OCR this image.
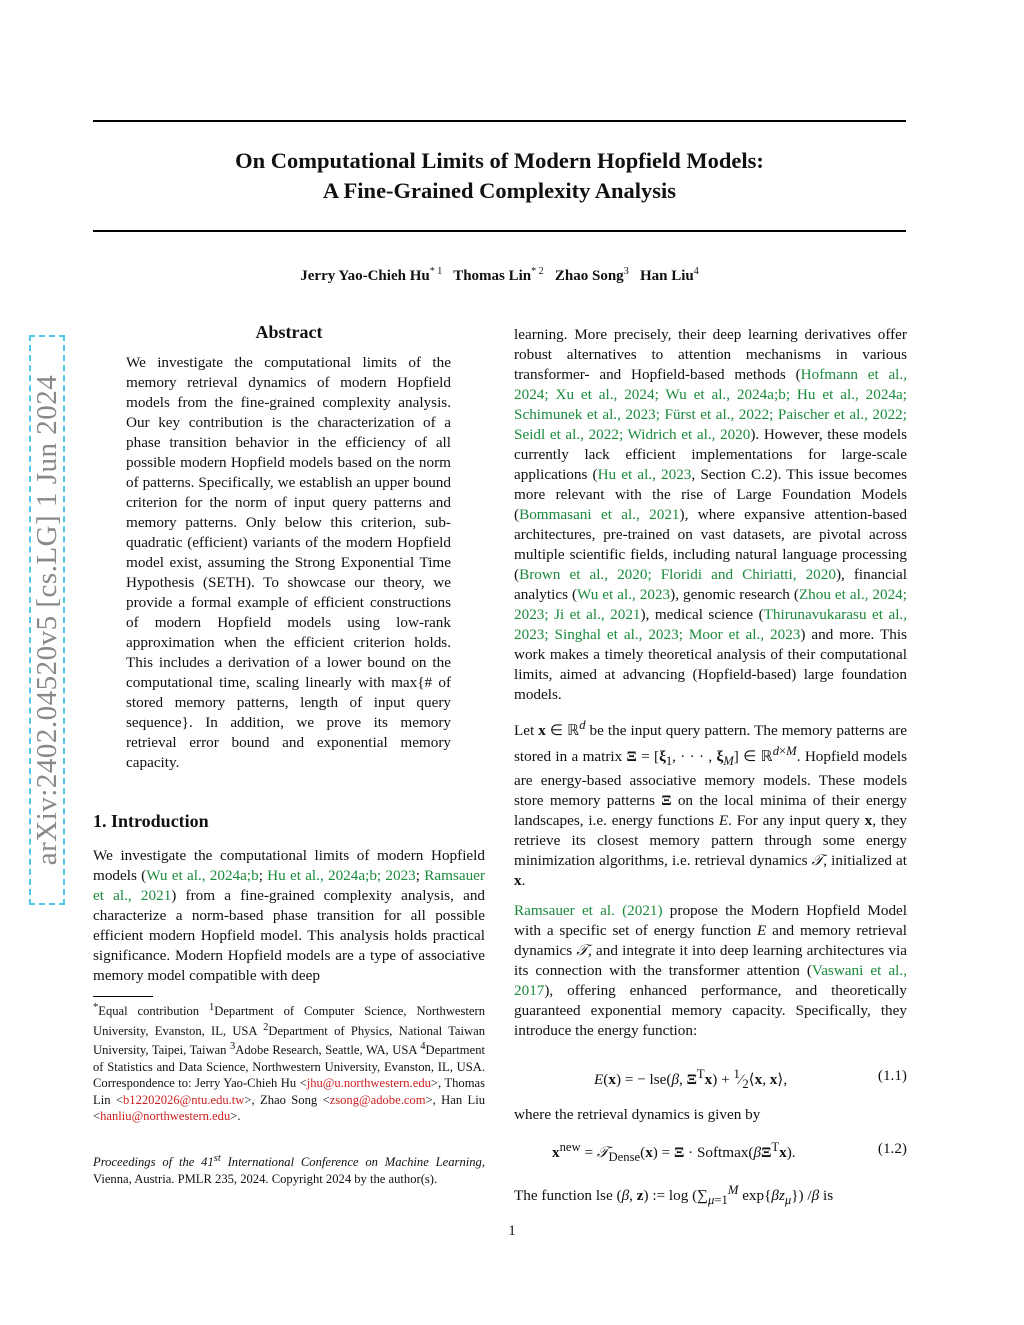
On Computational Limits of Modern Hopfield Models:
A Fine-Grained Complexity Analysis
Jerry Yao-Chieh Hu$^{* 1}$ Thomas Lin$^{* 2}$ Zhao Song$^3$ Han Liu$^4$
arXiv:2402.04520v5 [cs.LG] 1 Jun 2024
Abstract

We investigate the computational limits of the memory retrieval dynamics of modern Hopfield models from the fine-grained complexity analysis. Our key contribution is the characterization of a phase transition behavior in the efficiency of all possible modern Hopfield models based on the norm of patterns. Specifically, we establish an upper bound criterion for the norm of input query patterns and memory patterns. Only below this criterion, sub-quadratic (efficient) variants of the modern Hopfield model exist, assuming the Strong Exponential Time Hypothesis (SETH). To showcase our theory, we provide a formal example of efficient constructions of modern Hopfield models using low-rank approximation when the efficient criterion holds. This includes a derivation of a lower bound on the computational time, scaling linearly with max{# of stored memory patterns, length of input query sequence}. In addition, we prove its memory retrieval error bound and exponential memory capacity.

1. Introduction

We investigate the computational limits of modern Hopfield models (Wu et al., 2024a;b; Hu et al., 2024a;b; 2023; Ramsauer et al., 2021) from a fine-grained complexity analysis, and characterize a norm-based phase transition for all possible efficient modern Hopfield model. This analysis holds practical significance. Modern Hopfield models are a type of associative memory model compatible with deep

*Equal contribution $^1$Department of Computer Science, Northwestern University, Evanston, IL, USA $^2$Department of Physics, National Taiwan University, Taipei, Taiwan $^3$Adobe Research, Seattle, WA, USA $^4$Department of Statistics and Data Science, Northwestern University, Evanston, IL, USA. Correspondence to: Jerry Yao-Chieh Hu <jhu@u.northwestern.edu>, Thomas Lin <b12202026@ntu.edu.tw>, Zhao Song <zsong@adobe.com>, Han Liu <hanliu@northwestern.edu>.

Proceedings of the 41st International Conference on Machine Learning, Vienna, Austria. PMLR 235, 2024. Copyright 2024 by the author(s).

learning. More precisely, their deep learning derivatives offer robust alternatives to attention mechanisms in various transformer- and Hopfield-based methods (Hofmann et al., 2024; Xu et al., 2024; Wu et al., 2024a;b; Hu et al., 2024a; Schimunek et al., 2023; Fürst et al., 2022; Paischer et al., 2022; Seidl et al., 2022; Widrich et al., 2020). However, these models currently lack efficient implementations for large-scale applications (Hu et al., 2023, Section C.2). This issue becomes more relevant with the rise of Large Foundation Models (Bommasani et al., 2021), where expansive attention-based architectures, pre-trained on vast datasets, are pivotal across multiple scientific fields, including natural language processing (Brown et al., 2020; Floridi and Chiriatti, 2020), financial analytics (Wu et al., 2023), genomic research (Zhou et al., 2024; 2023; Ji et al., 2021), medical science (Thirunavukarasu et al., 2023; Singhal et al., 2023; Moor et al., 2023) and more. This work makes a timely theoretical analysis of their computational limits, aimed at advancing (Hopfield-based) large foundation models.

Let x ∈ ℝ$^d$ be the input query pattern. The memory patterns are stored in a matrix $\Xi = [\xi_1$, · · · , $\xi_M$] ∈ ℝ$^{d\times M}$. Hopfield models are energy-based associative memory models. These models store memory patterns Ξ on the local minima of their energy landscapes, i.e. energy functions E. For any input query x, they retrieve its closest memory pattern through some energy minimization algorithms, i.e. retrieval dynamics 𝒯, initialized at x.

Ramsauer et al. (2021) propose the Modern Hopfield Model with a specific set of energy function E and memory retrieval dynamics 𝒯, and integrate it into deep learning architectures via its connection with the transformer attention (Vaswani et al., 2017), offering enhanced performance, and theoretically guaranteed exponential memory capacity. Specifically, they introduce the energy function:

E(x) = − lse(β, $\Xi^Tx$) + $^1⁄_2⟨x$, x⟩,	(1.1)

where the retrieval dynamics is given by

$x^{new}$ = 𝒯$_{Dense}$(x) = $\Xi \cdot Softmax(\beta\Xi^Tx)$.	(1.2)

The function lse (β, z) := $\log (\sum_{\mu=1}^M$ $\exp\{\beta z_\mu\}$) /β is

1
